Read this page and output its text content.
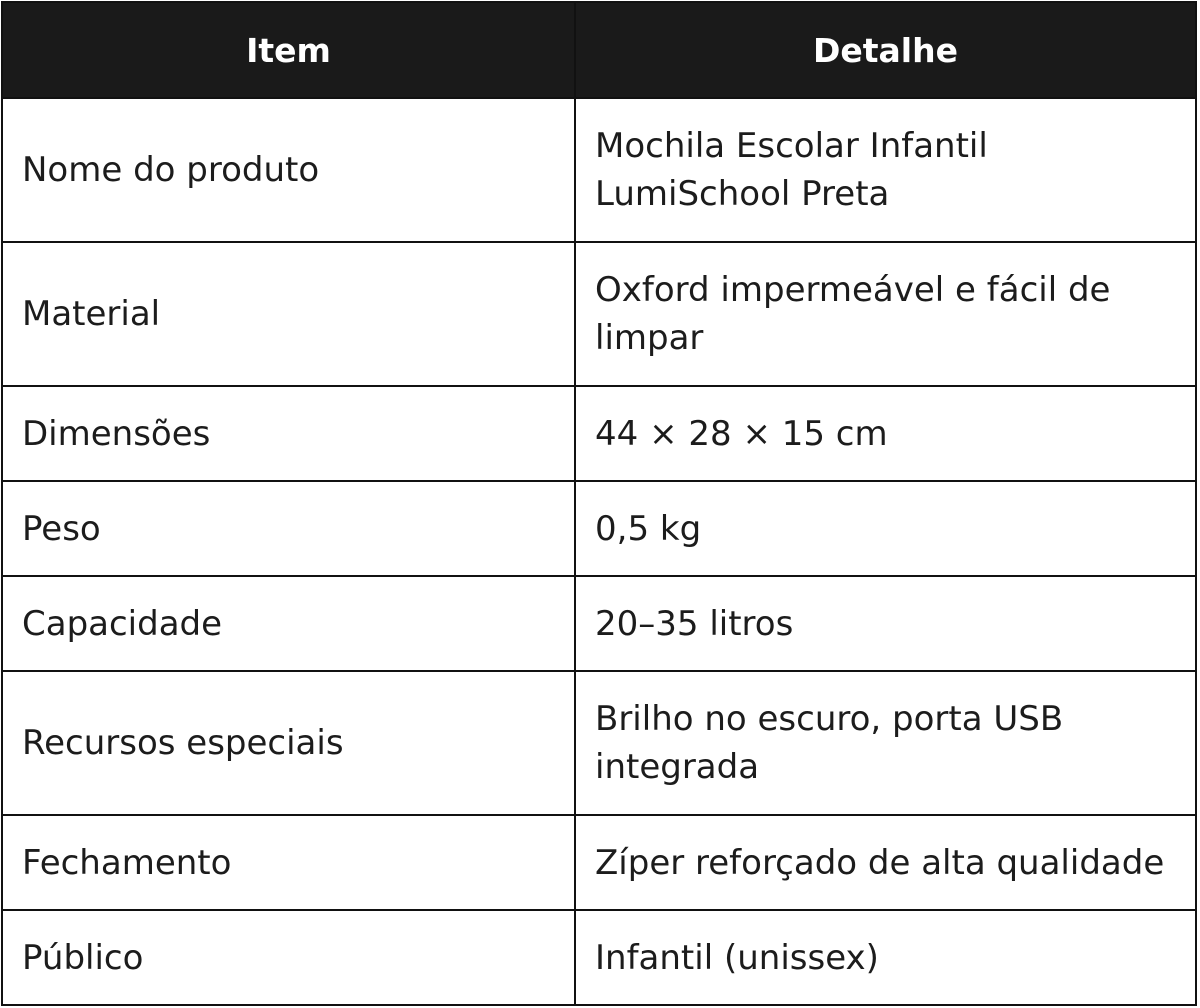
Item	Detalhe
Nome do produto	Mochila Escolar Infantil LumiSchool Preta
Material	Oxford impermeável e fácil de limpar
Dimensões	44 × 28 × 15 cm
Peso	0,5 kg
Capacidade	20–35 litros
Recursos especiais	Brilho no escuro, porta USB integrada
Fechamento	Zíper reforçado de alta qualidade
Público	Infantil (unissex)
